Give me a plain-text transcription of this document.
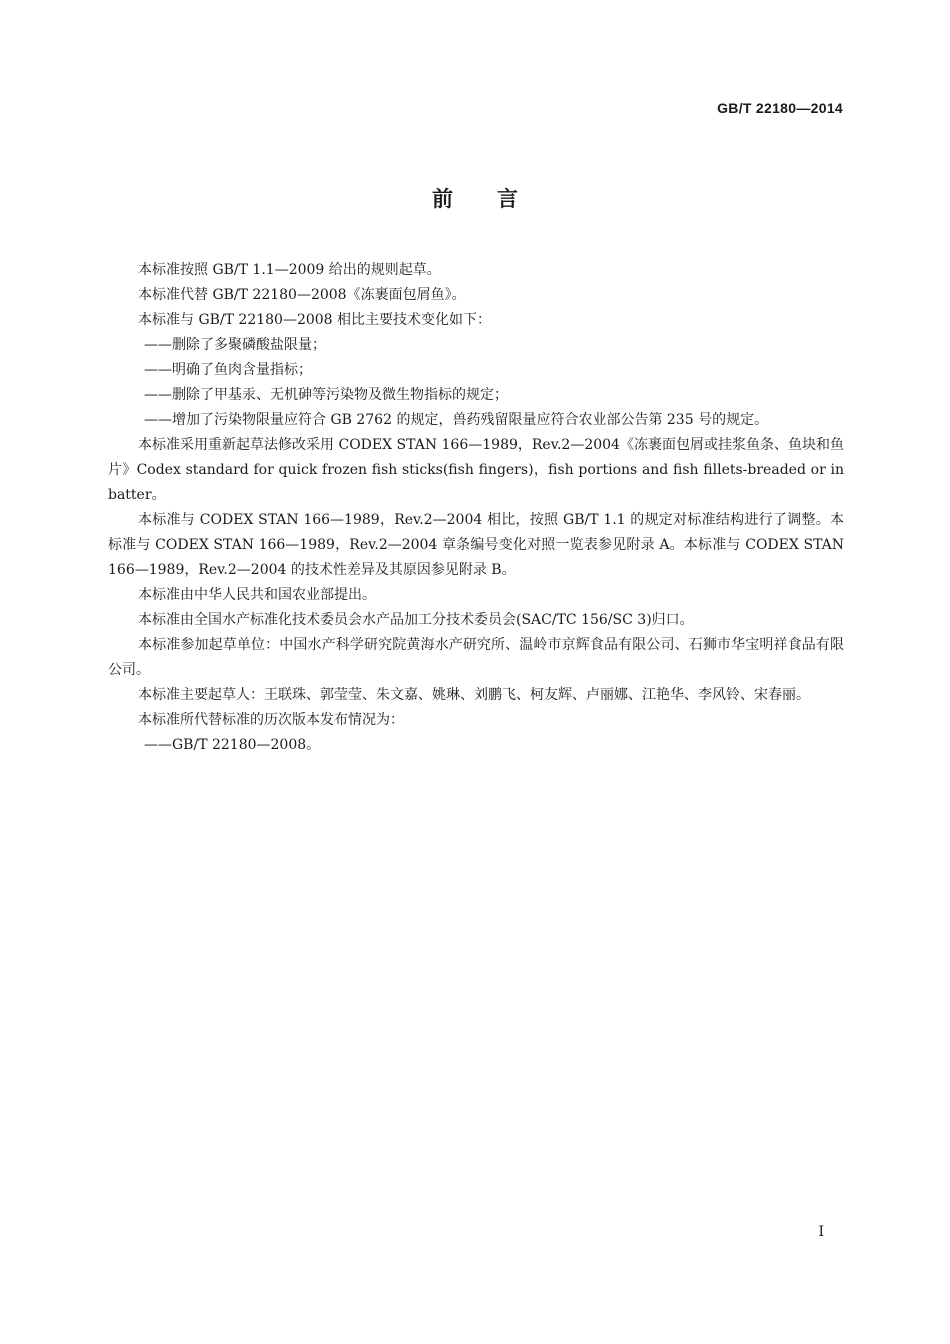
GB/T 22180—2014
前言

本标准按照 GB/T 1.1—2009 给出的规则起草。

本标准代替 GB/T 22180—2008《冻裹面包屑鱼》。

本标准与 GB/T 22180—2008 相比主要技术变化如下：

——删除了多聚磷酸盐限量；

——明确了鱼肉含量指标；

——删除了甲基汞、无机砷等污染物及微生物指标的规定；

——增加了污染物限量应符合 GB 2762 的规定，兽药残留限量应符合农业部公告第 235 号的规定。

本标准采用重新起草法修改采用 CODEX STAN 166—1989，Rev.2—2004《冻裹面包屑或挂浆鱼条、鱼块和鱼片》Codex standard for quick frozen fish sticks(fish fingers)，fish portions and fish fillets-breaded or in batter。

本标准与 CODEX STAN 166—1989，Rev.2—2004 相比，按照 GB/T 1.1 的规定对标准结构进行了调整。本标准与 CODEX STAN 166—1989，Rev.2—2004 章条编号变化对照一览表参见附录 A。本标准与 CODEX STAN 166—1989，Rev.2—2004 的技术性差异及其原因参见附录 B。

本标准由中华人民共和国农业部提出。

本标准由全国水产标准化技术委员会水产品加工分技术委员会(SAC/TC 156/SC 3)归口。

本标准参加起草单位：中国水产科学研究院黄海水产研究所、温岭市京辉食品有限公司、石狮市华宝明祥食品有限公司。

本标准主要起草人：王联珠、郭莹莹、朱文嘉、姚琳、刘鹏飞、柯友辉、卢丽娜、江艳华、李风铃、宋春丽。

本标准所代替标准的历次版本发布情况为：

——GB/T 22180—2008。

I
